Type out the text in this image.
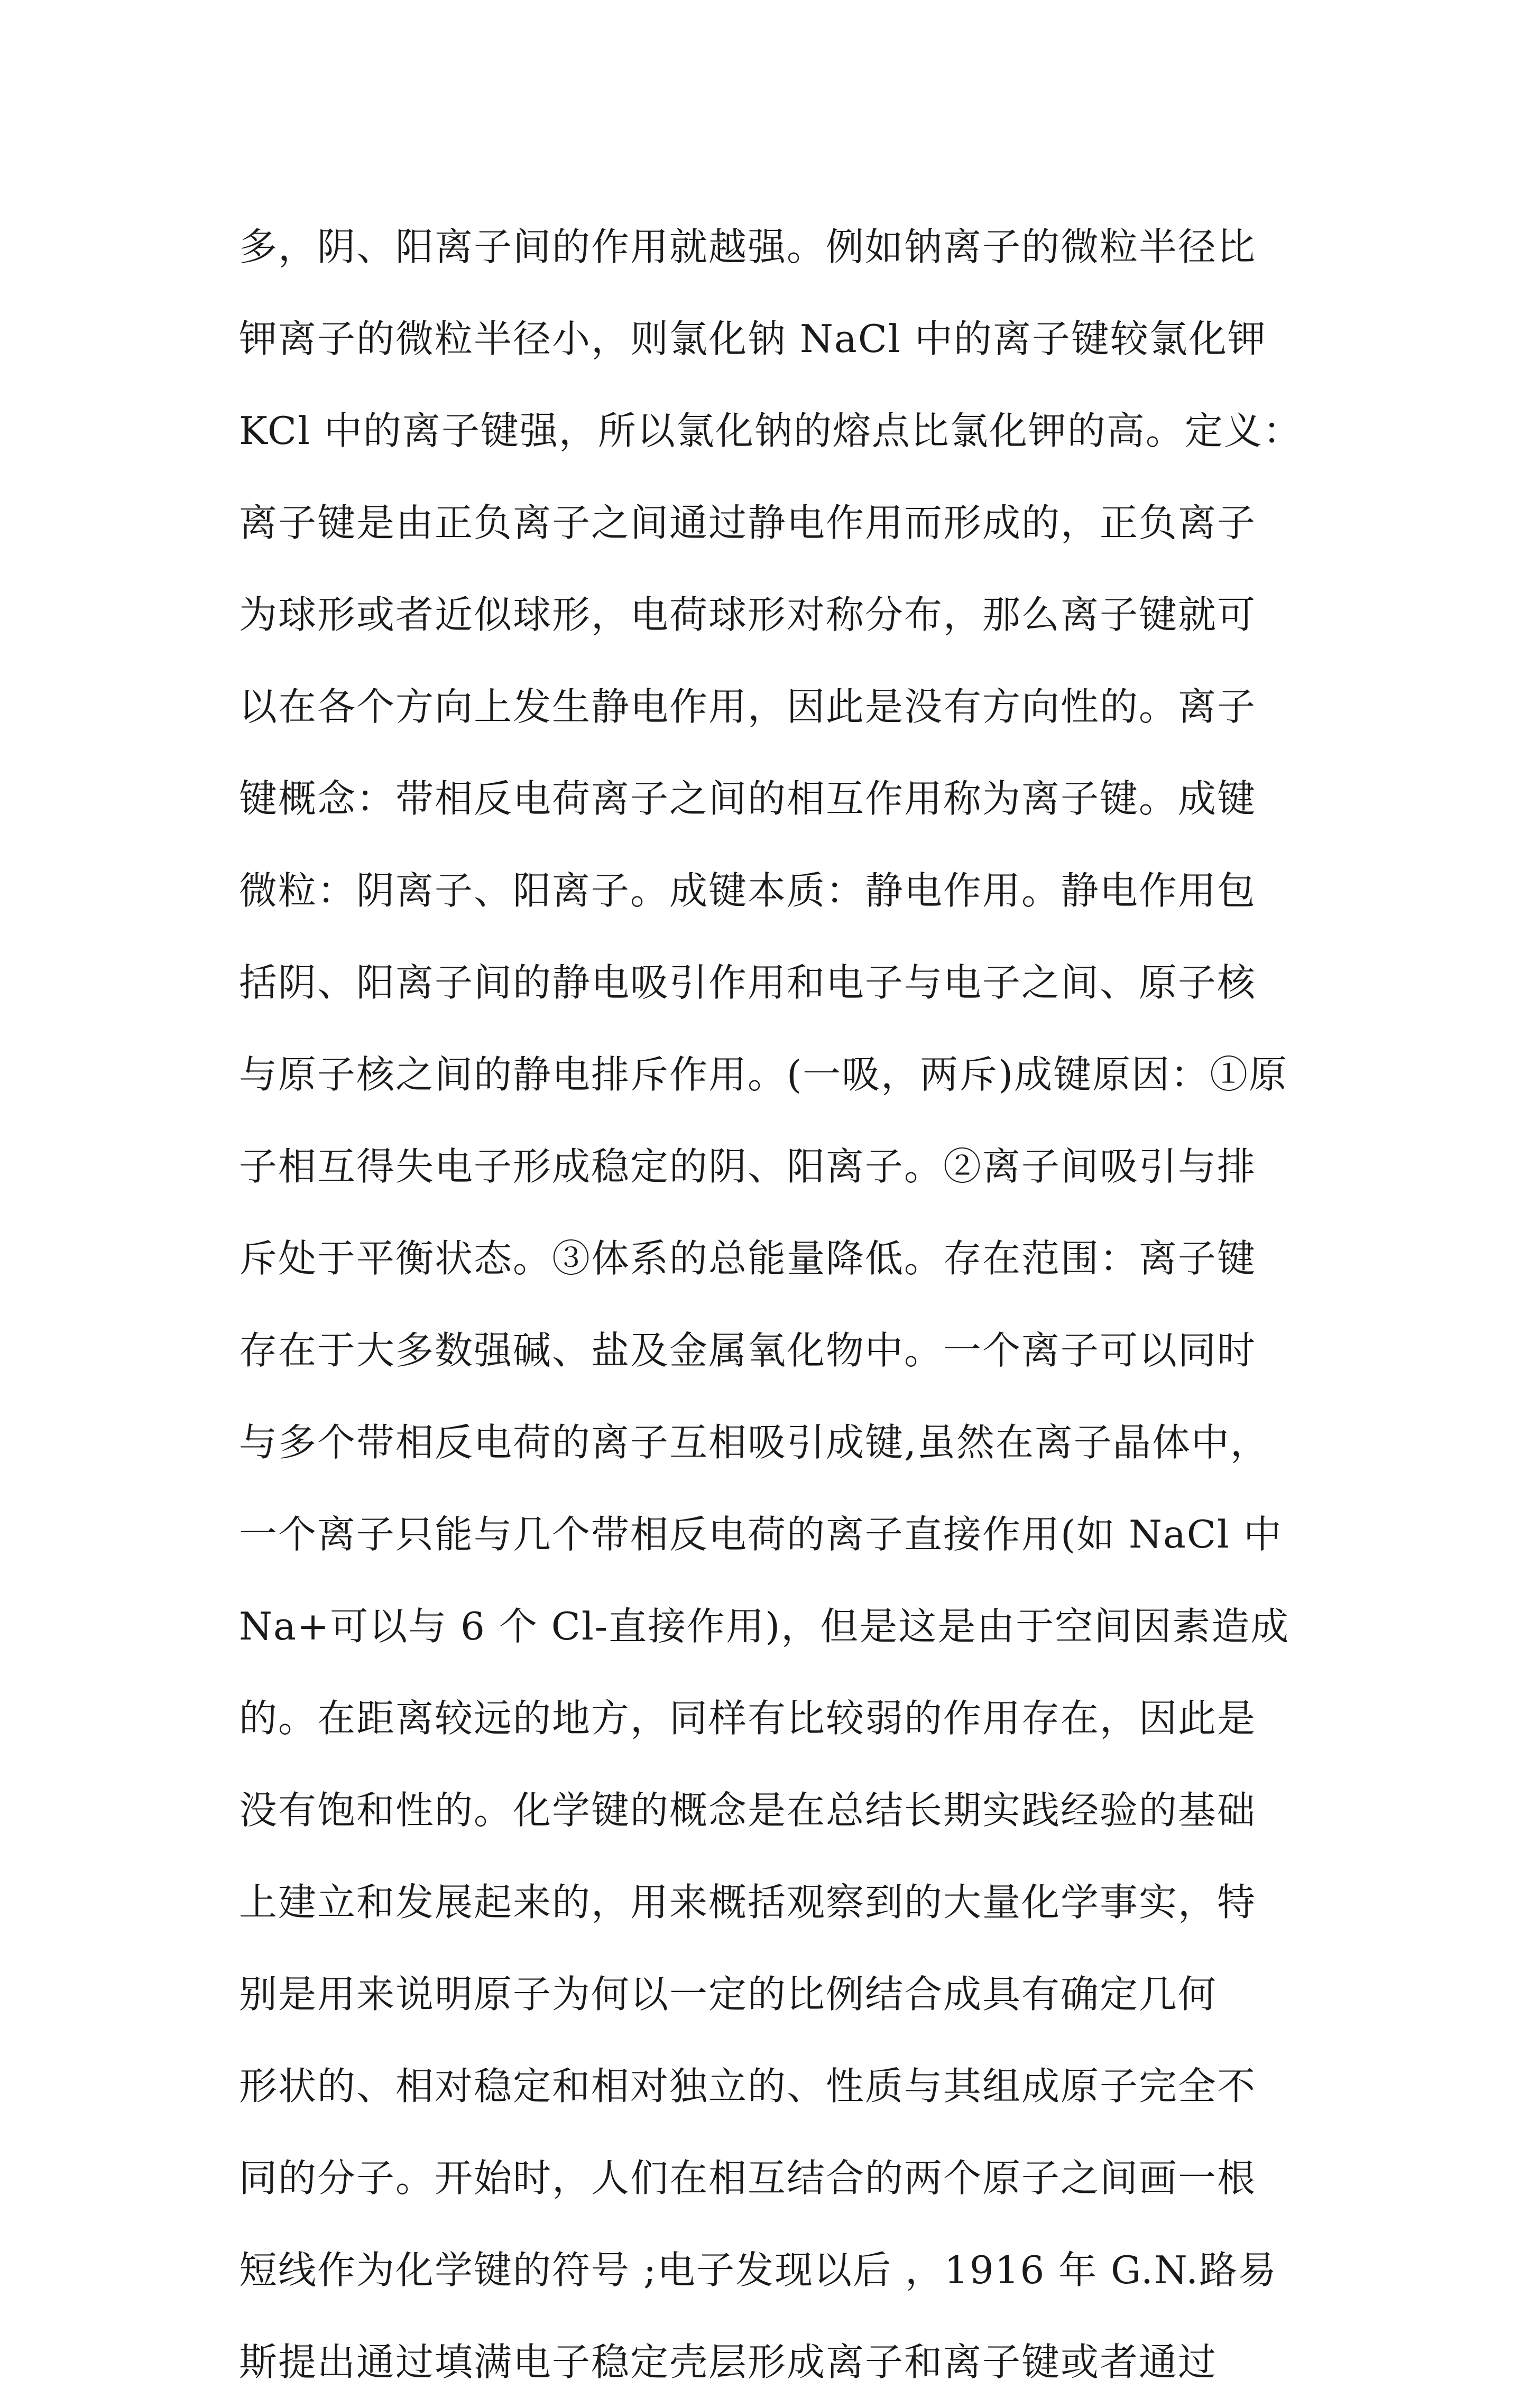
多，阴、阳离子间的作用就越强。例如钠离子的微粒半径比
钾离子的微粒半径小，则氯化钠 NaCl 中的离子键较氯化钾
KCl 中的离子键强，所以氯化钠的熔点比氯化钾的高。定义：
离子键是由正负离子之间通过静电作用而形成的，正负离子
为球形或者近似球形，电荷球形对称分布，那么离子键就可
以在各个方向上发生静电作用，因此是没有方向性的。离子
键概念：带相反电荷离子之间的相互作用称为离子键。成键
微粒：阴离子、阳离子。成键本质：静电作用。静电作用包
括阴、阳离子间的静电吸引作用和电子与电子之间、原子核
与原子核之间的静电排斥作用。(一吸，两斥)成键原因：①原
子相互得失电子形成稳定的阴、阳离子。②离子间吸引与排
斥处于平衡状态。③体系的总能量降低。存在范围：离子键
存在于大多数强碱、盐及金属氧化物中。一个离子可以同时
与多个带相反电荷的离子互相吸引成键,虽然在离子晶体中，
一个离子只能与几个带相反电荷的离子直接作用(如 NaCl 中
Na+可以与 6 个 Cl-直接作用)，但是这是由于空间因素造成
的。在距离较远的地方，同样有比较弱的作用存在，因此是
没有饱和性的。化学键的概念是在总结长期实践经验的基础
上建立和发展起来的，用来概括观察到的大量化学事实，特
别是用来说明原子为何以一定的比例结合成具有确定几何
形状的、相对稳定和相对独立的、性质与其组成原子完全不
同的分子。开始时，人们在相互结合的两个原子之间画一根
短线作为化学键的符号 ;电子发现以后 ，1916 年 G.N.路易
斯提出通过填满电子稳定壳层形成离子和离子键或者通过
